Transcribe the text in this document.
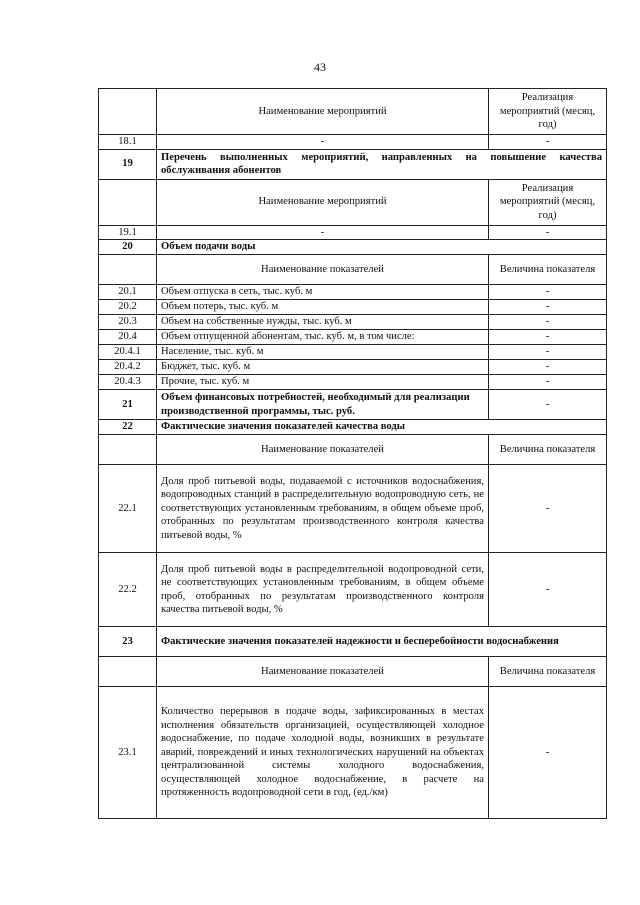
43
	Наименование мероприятий	Реализация мероприятий (месяц, год)
18.1	-	-
19	Перечень выполненных мероприятий, направленных на повышение качества обслуживания абонентов	
	Наименование мероприятий	Реализация мероприятий (месяц, год)
19.1	-	-
20	Объем подачи воды	
	Наименование показателей	Величина показателя
20.1	Объем отпуска в сеть, тыс. куб. м	-
20.2	Объем потерь, тыс. куб. м	-
20.3	Объем на собственные нужды, тыс. куб. м	-
20.4	Объем отпущенной абонентам, тыс. куб. м, в том числе:	-
20.4.1	Население, тыс. куб. м	-
20.4.2	Бюджет, тыс. куб. м	-
20.4.3	Прочие, тыс. куб. м	-
21	Объем финансовых потребностей, необходимый для реализации производственной программы, тыс. руб.	-
22	Фактические значения показателей качества воды	
	Наименование показателей	Величина показателя
22.1	Доля проб питьевой воды, подаваемой с источников водоснабжения, водопроводных станций в распределительную водопроводную сеть, не соответствующих установленным требованиям, в общем объеме проб, отобранных по результатам производственного контроля качества питьевой воды, %	-
22.2	Доля проб питьевой воды в распределительной водопроводной сети, не соответствующих установленным требованиям, в общем объеме проб, отобранных по результатам производственного контроля качества питьевой воды, %	-
23	Фактические значения показателей надежности и бесперебойности водоснабжения	
	Наименование показателей	Величина показателя
23.1	Количество перерывов в подаче воды, зафиксированных в местах исполнения обязательств организацией, осуществляющей холодное водоснабжение, по подаче холодной воды, возникших в результате аварий, повреждений и иных технологических нарушений на объектах централизованной системы холодного водоснабжения, осуществляющей холодное водоснабжение, в расчете на протяженность водопроводной сети в год, (ед./км)	-
